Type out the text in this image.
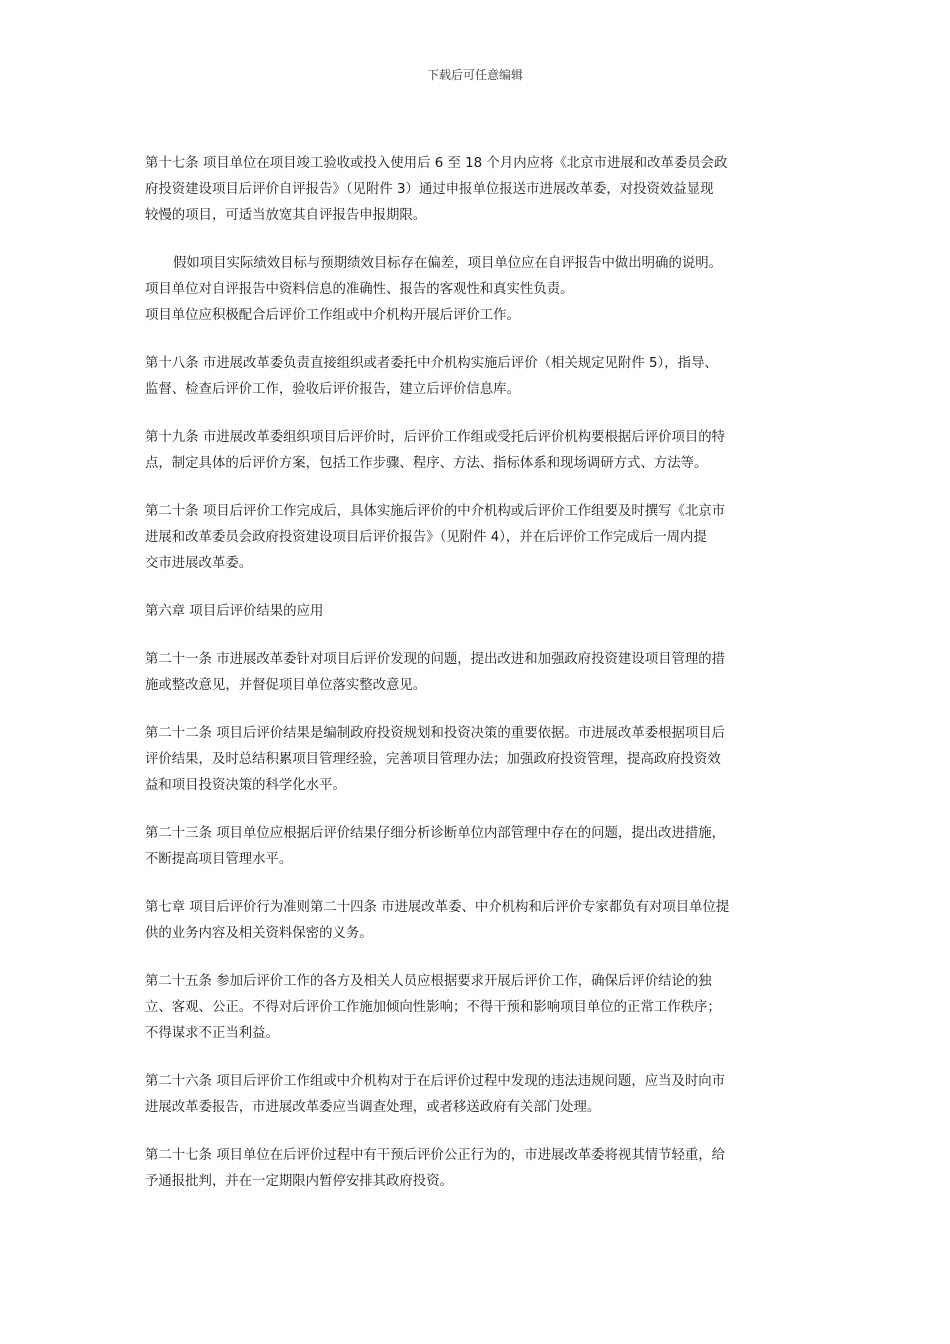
下载后可任意编辑

第十七条 项目单位在项目竣工验收或投入使用后 6 至 18 个月内应将《北京市进展和改革委员会政
府投资建设项目后评价自评报告》（见附件 3）通过申报单位报送市进展改革委，对投资效益显现
较慢的项目，可适当放宽其自评报告申报期限。

假如项目实际绩效目标与预期绩效目标存在偏差，项目单位应在自评报告中做出明确的说明。
项目单位对自评报告中资料信息的准确性、报告的客观性和真实性负责。
项目单位应积极配合后评价工作组或中介机构开展后评价工作。

第十八条 市进展改革委负责直接组织或者委托中介机构实施后评价（相关规定见附件 5），指导、
监督、检查后评价工作，验收后评价报告，建立后评价信息库。

第十九条 市进展改革委组织项目后评价时，后评价工作组或受托后评价机构要根据后评价项目的特
点，制定具体的后评价方案，包括工作步骤、程序、方法、指标体系和现场调研方式、方法等。

第二十条 项目后评价工作完成后，具体实施后评价的中介机构或后评价工作组要及时撰写《北京市
进展和改革委员会政府投资建设项目后评价报告》（见附件 4），并在后评价工作完成后一周内提
交市进展改革委。

第六章 项目后评价结果的应用

第二十一条 市进展改革委针对项目后评价发现的问题，提出改进和加强政府投资建设项目管理的措
施或整改意见，并督促项目单位落实整改意见。

第二十二条 项目后评价结果是编制政府投资规划和投资决策的重要依据。市进展改革委根据项目后
评价结果，及时总结积累项目管理经验，完善项目管理办法；加强政府投资管理，提高政府投资效
益和项目投资决策的科学化水平。

第二十三条 项目单位应根据后评价结果仔细分析诊断单位内部管理中存在的问题，提出改进措施，
不断提高项目管理水平。

第七章 项目后评价行为准则第二十四条 市进展改革委、中介机构和后评价专家都负有对项目单位提
供的业务内容及相关资料保密的义务。

第二十五条 参加后评价工作的各方及相关人员应根据要求开展后评价工作，确保后评价结论的独
立、客观、公正。不得对后评价工作施加倾向性影响；不得干预和影响项目单位的正常工作秩序；
不得谋求不正当利益。

第二十六条 项目后评价工作组或中介机构对于在后评价过程中发现的违法违规问题，应当及时向市
进展改革委报告，市进展改革委应当调查处理，或者移送政府有关部门处理。

第二十七条 项目单位在后评价过程中有干预后评价公正行为的，市进展改革委将视其情节轻重，给
予通报批判，并在一定期限内暂停安排其政府投资。
